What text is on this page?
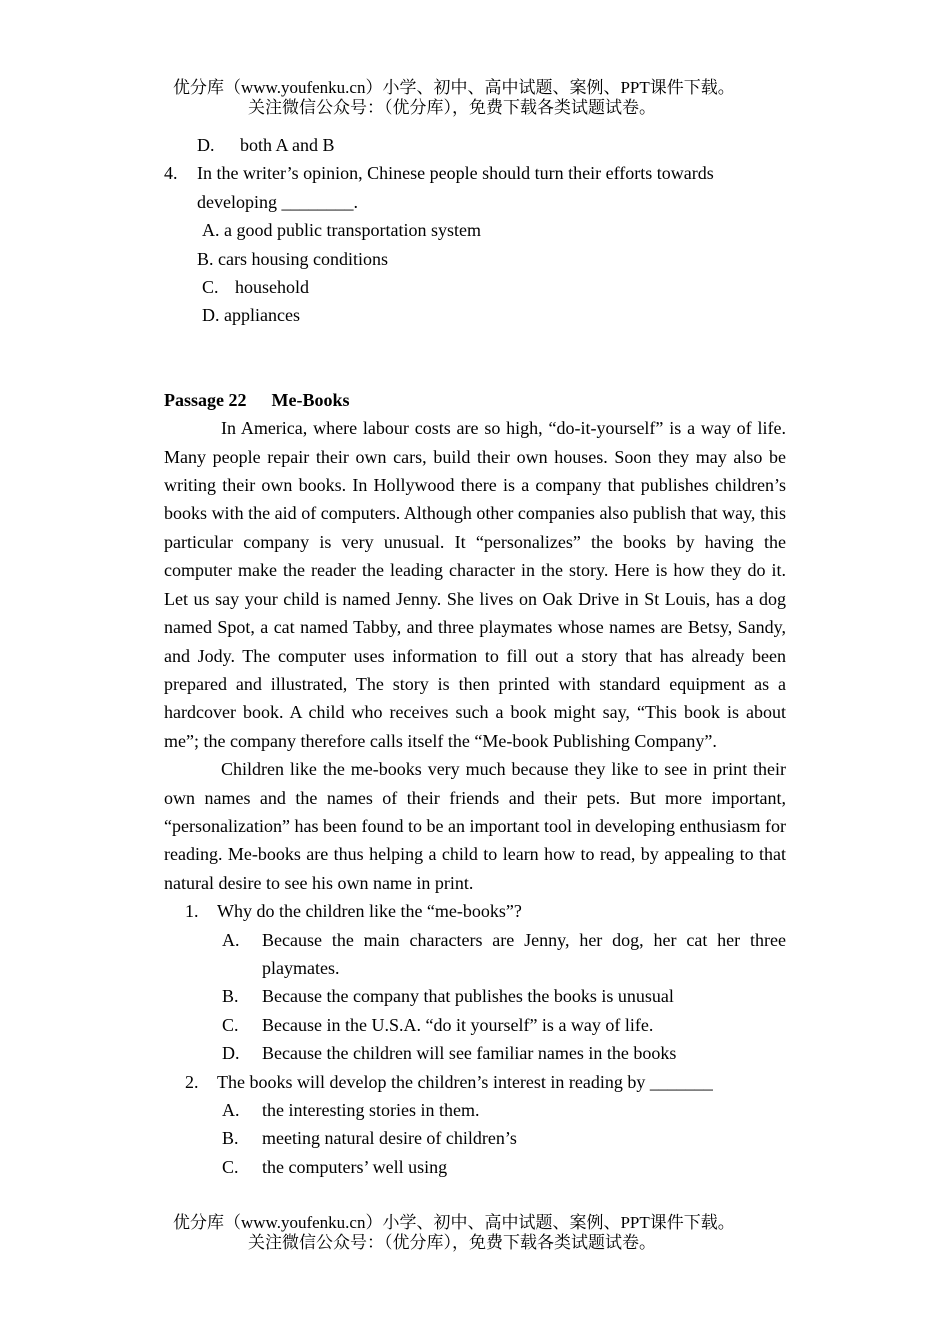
优分库（www.youfenku.cn）小学、初中、高中试题、案例、PPT课件下载。
关注微信公众号：（优分库），免费下载各类试题试卷。
D. both A and B
4.	In the writer’s opinion, Chinese people should turn their efforts towards
developing ________.
A. a good public transportation system
B. cars housing conditions
C. household
D. appliances
Passage 22 Me-Books

In America, where labour costs are so high, “do-it-yourself” is a way of life. Many people repair their own cars, build their own houses. Soon they may also be writing their own books. In Hollywood there is a company that publishes children’s books with the aid of computers. Although other companies also publish that way, this particular company is very unusual. It “personalizes” the books by having the computer make the reader the leading character in the story. Here is how they do it. Let us say your child is named Jenny. She lives on Oak Drive in St Louis, has a dog named Spot, a cat named Tabby, and three playmates whose names are Betsy, Sandy, and Jody. The computer uses information to fill out a story that has already been prepared and illustrated, The story is then printed with standard equipment as a hardcover book. A child who receives such a book might say, “This book is about me”; the company therefore calls itself the “Me-book Publishing Company”.

Children like the me-books very much because they like to see in print their own names and the names of their friends and their pets. But more important, “personalization” has been found to be an important tool in developing enthusiasm for reading. Me-books are thus helping a child to learn how to read, by appealing to that natural desire to see his own name in print.

1.	Why do the children like the “me-books”?
A.	Because the main characters are Jenny, her dog, her cat her three playmates.
B.	Because the company that publishes the books is unusual
C.	Because in the U.S.A. “do it yourself” is a way of life.
D.	Because the children will see familiar names in the books
2.	The books will develop the children’s interest in reading by _______
A.	the interesting stories in them.
B.	meeting natural desire of children’s
C.	the computers’ well using
优分库（www.youfenku.cn）小学、初中、高中试题、案例、PPT课件下载。
关注微信公众号：（优分库），免费下载各类试题试卷。
